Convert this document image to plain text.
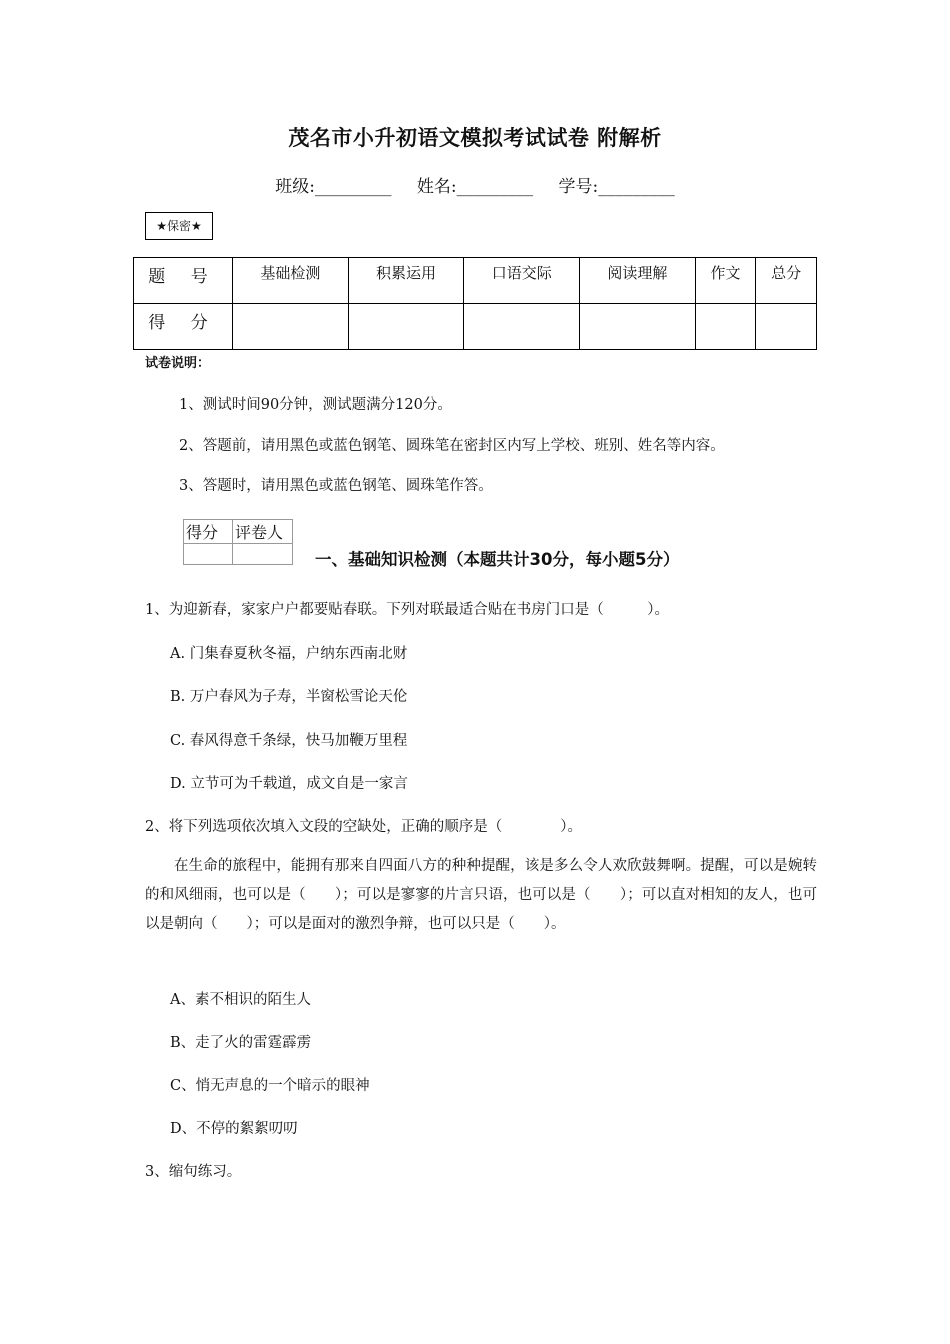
茂名市小升初语文模拟考试试卷 附解析
班级:_________ 姓名:_________ 学号:_________
★保密★
题 号	基础检测	积累运用	口语交际	阅读理解	作文	总分
得 分						
试卷说明：
1、测试时间90分钟，测试题满分120分。
2、答题前，请用黑色或蓝色钢笔、圆珠笔在密封区内写上学校、班别、姓名等内容。
3、答题时，请用黑色或蓝色钢笔、圆珠笔作答。
得分	评卷人

一、基础知识检测（本题共计30分，每小题5分）
1、为迎新春，家家户户都要贴春联。下列对联最适合贴在书房门口是（　　　）。
A. 门集春夏秋冬福，户纳东西南北财
B. 万户春风为子寿，半窗松雪论天伦
C. 春风得意千条绿，快马加鞭万里程
D. 立节可为千载道，成文自是一家言
2、将下列选项依次填入文段的空缺处，正确的顺序是（　　　　）。
在生命的旅程中，能拥有那来自四面八方的种种提醒，该是多么令人欢欣鼓舞啊。提醒，可以是婉转的和风细雨，也可以是（　　）；可以是寥寥的片言只语，也可以是（　　）；可以直对相知的友人，也可以是朝向（　　）；可以是面对的激烈争辩，也可以只是（　　）。
A、素不相识的陌生人
B、走了火的雷霆霹雳
C、悄无声息的一个暗示的眼神
D、不停的絮絮叨叨
3、缩句练习。
